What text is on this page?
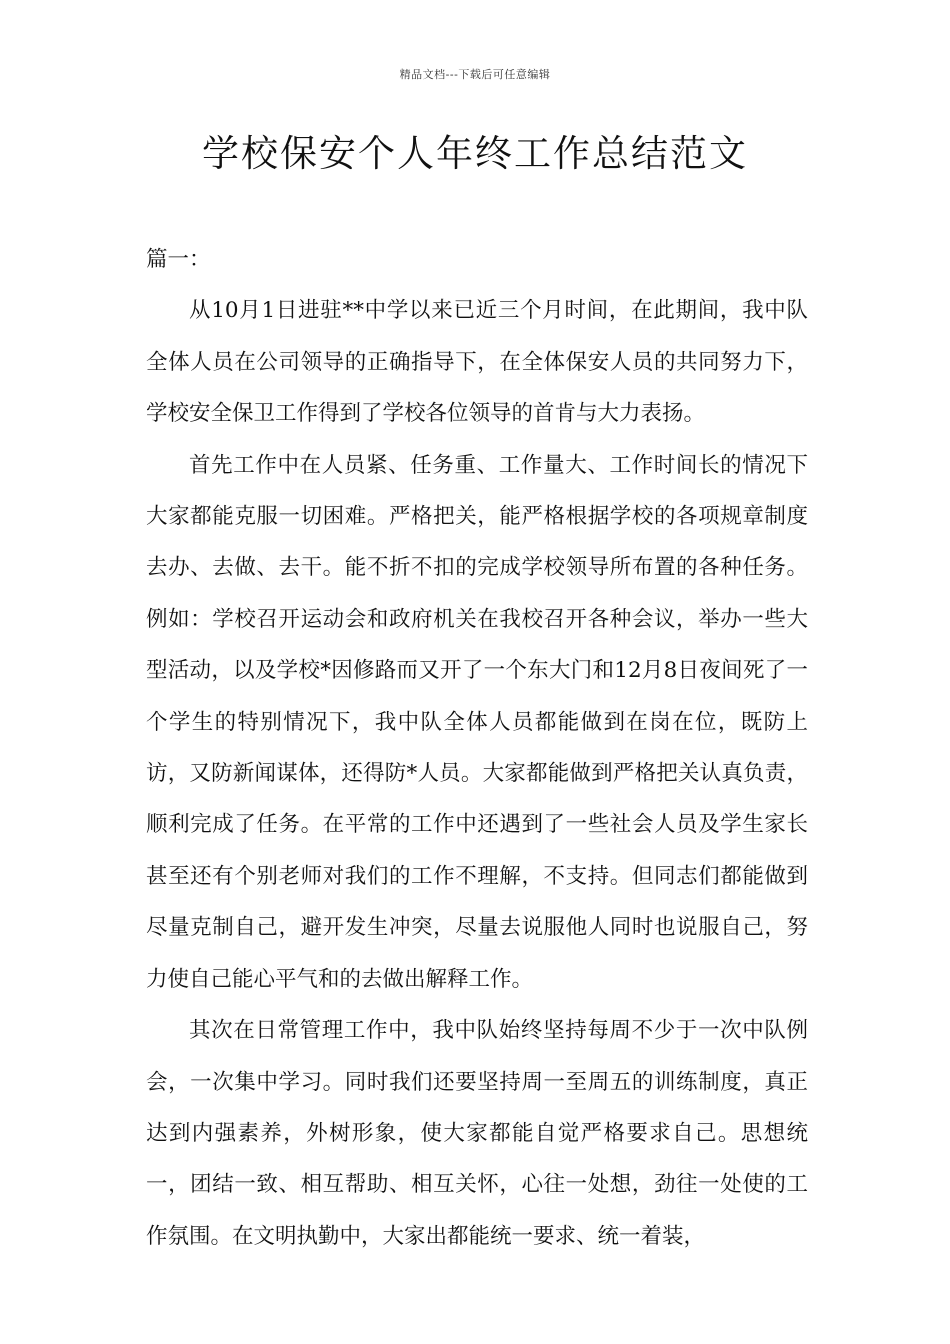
精品文档---下载后可任意编辑
学校保安个人年终工作总结范文

篇一：

从10月1日进驻**中学以来已近三个月时间，在此期间，我中队全体人员在公司领导的正确指导下，在全体保安人员的共同努力下，学校安全保卫工作得到了学校各位领导的首肯与大力表扬。

首先工作中在人员紧、任务重、工作量大、工作时间长的情况下大家都能克服一切困难。严格把关，能严格根据学校的各项规章制度去办、去做、去干。能不折不扣的完成学校领导所布置的各种任务。例如：学校召开运动会和政府机关在我校召开各种会议，举办一些大型活动，以及学校*因修路而又开了一个东大门和12月8日夜间死了一个学生的特别情况下，我中队全体人员都能做到在岗在位，既防上访，又防新闻谋体，还得防*人员。大家都能做到严格把关认真负责，顺利完成了任务。在平常的工作中还遇到了一些社会人员及学生家长甚至还有个别老师对我们的工作不理解，不支持。但同志们都能做到尽量克制自己，避开发生冲突，尽量去说服他人同时也说服自己，努力使自己能心平气和的去做出解释工作。

其次在日常管理工作中，我中队始终坚持每周不少于一次中队例会，一次集中学习。同时我们还要坚持周一至周五的训练制度，真正达到内强素养，外树形象，使大家都能自觉严格要求自己。思想统一，团结一致、相互帮助、相互关怀，心往一处想，劲往一处使的工作氛围。在文明执勤中，大家出都能统一要求、统一着装，
